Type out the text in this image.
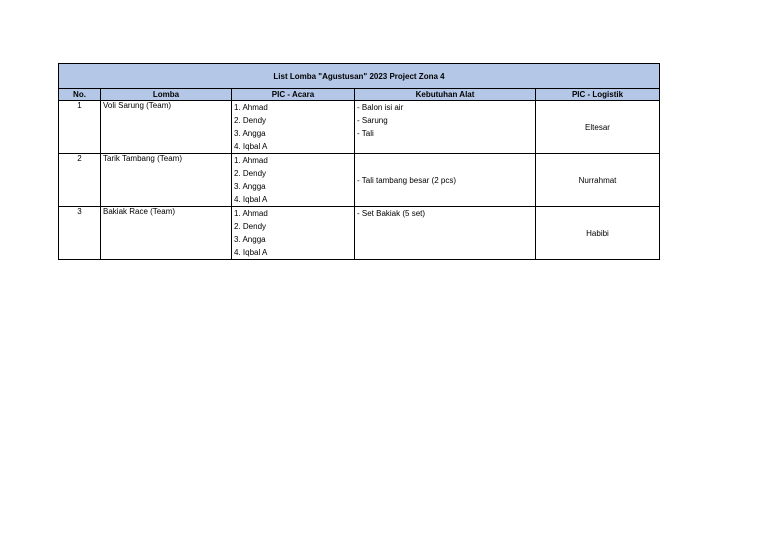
List Lomba "Agustusan" 2023 Project Zona 4				
No.	Lomba	PIC - Acara	Kebutuhan Alat	PIC - Logistik
1	Voli Sarung (Team)	1. Ahmad
2. Dendy
3. Angga
4. Iqbal A	- Balon isi air
- Sarung
- Tali	Eltesar
2	Tarik Tambang (Team)	1. Ahmad
2. Dendy
3. Angga
4. Iqbal A	- Tali tambang besar (2 pcs)	Nurrahmat
3	Bakiak Race (Team)	1. Ahmad
2. Dendy
3. Angga
4. Iqbal A	- Set Bakiak (5 set)	Habibi
